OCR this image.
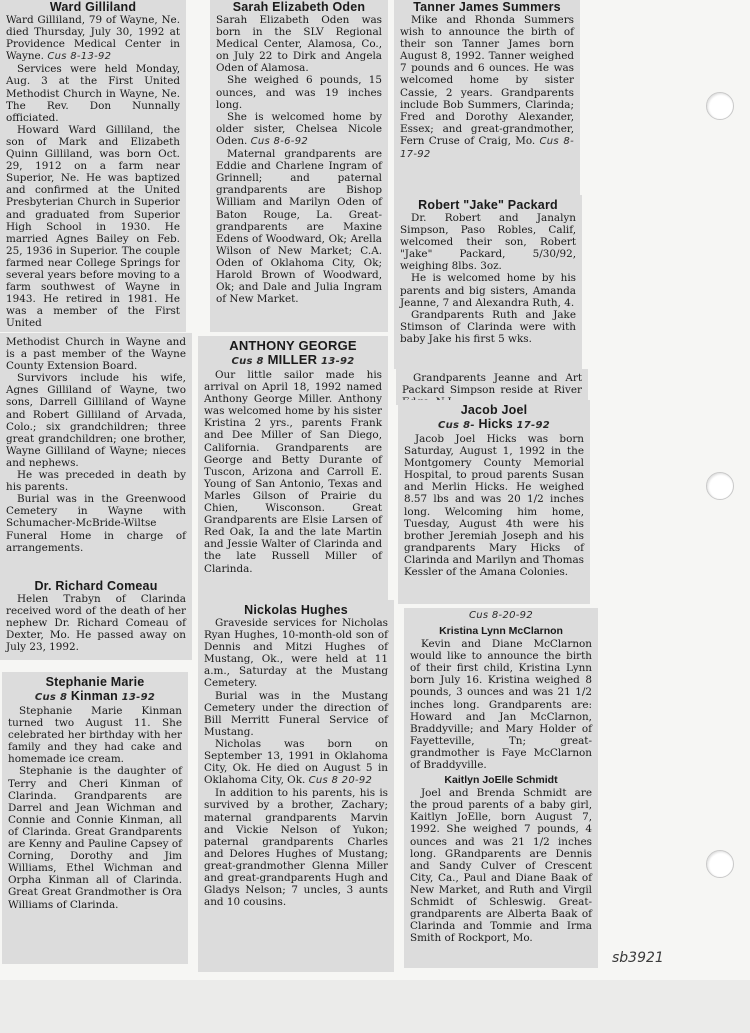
Ward Gilliland

Ward Gilliland, 79 of Wayne, Ne. died Thursday, July 30, 1992 at Providence Medical Center in Wayne. Cus 8-13-92

Services were held Monday, Aug. 3 at the First United Methodist Church in Wayne, Ne. The Rev. Don Nunnally officiated.

Howard Ward Gilliland, the son of Mark and Elizabeth Quinn Gilliland, was born Oct. 29, 1912 on a farm near Superior, Ne. He was baptized and confirmed at the United Presbyterian Church in Superior and graduated from Superior High School in 1930. He married Agnes Bailey on Feb. 25, 1936 in Superior. The couple farmed near College Springs for several years before moving to a farm southwest of Wayne in 1943. He retired in 1981. He was a member of the First United

Methodist Church in Wayne and is a past member of the Wayne County Extension Board.

Survivors include his wife, Agnes Gilliland of Wayne, two sons, Darrell Gilliland of Wayne and Robert Gilliland of Arvada, Colo.; six grandchildren; three great grandchildren; one brother, Wayne Gilliland of Wayne; nieces and nephews.

He was preceded in death by his parents.

Burial was in the Greenwood Cemetery in Wayne with Schumacher-McBride-Wiltse Funeral Home in charge of arrangements.

Dr. Richard Comeau

Helen Trabyn of Clarinda received word of the death of her nephew Dr. Richard Comeau of Dexter, Mo. He passed away on July 23, 1992.

Stephanie Marie
Cus 8 Kinman 13-92

Stephanie Marie Kinman turned two August 11. She celebrated her birthday with her family and they had cake and homemade ice cream.

Stephanie is the daughter of Terry and Cheri Kinman of Clarinda. Grandparents are Darrel and Jean Wichman and Connie and Connie Kinman, all of Clarinda. Great Grandparents are Kenny and Pauline Capsey of Corning, Dorothy and Jim Williams, Ethel Wichman and Orpha Kinman all of Clarinda. Great Great Grandmother is Ora Williams of Clarinda.

Sarah Elizabeth Oden

Sarah Elizabeth Oden was born in the SLV Regional Medical Center, Alamosa, Co., on July 22 to Dirk and Angela Oden of Alamosa.

She weighed 6 pounds, 15 ounces, and was 19 inches long.

She is welcomed home by older sister, Chelsea Nicole Oden. Cus 8-6-92

Maternal grandparents are Eddie and Charlene Ingram of Grinnell; and paternal grandparents are Bishop William and Marilyn Oden of Baton Rouge, La. Great-grandparents are Maxine Edens of Woodward, Ok; Arella Wilson of New Market; C.A. Oden of Oklahoma City, Ok; Harold Brown of Woodward, Ok; and Dale and Julia Ingram of New Market.

ANTHONY GEORGE
Cus 8 MILLER 13-92

Our little sailor made his arrival on April 18, 1992 named Anthony George Miller. Anthony was welcomed home by his sister Kristina 2 yrs., parents Frank and Dee Miller of San Diego, California. Grandparents are George and Betty Durante of Tuscon, Arizona and Carroll E. Young of San Antonio, Texas and Marles Gilson of Prairie du Chien, Wisconson. Great Grandparents are Elsie Larsen of Red Oak, Ia and the late Martin and Jessie Walter of Clarinda and the late Russell Miller of Clarinda.

Nickolas Hughes

Graveside services for Nicholas Ryan Hughes, 10-month-old son of Dennis and Mitzi Hughes of Mustang, Ok., were held at 11 a.m., Saturday at the Mustang Cemetery.

Burial was in the Mustang Cemetery under the direction of Bill Merritt Funeral Service of Mustang.

Nicholas was born on September 13, 1991 in Oklahoma City, Ok. He died on August 5 in Oklahoma City, Ok. Cus 8 20-92

In addition to his parents, his is survived by a brother, Zachary; maternal grandparents Marvin and Vickie Nelson of Yukon; paternal grandparents Charles and Delores Hughes of Mustang; great-grandmother Glenna Miller and great-grandparents Hugh and Gladys Nelson; 7 uncles, 3 aunts and 10 cousins.

Tanner James Summers

Mike and Rhonda Summers wish to announce the birth of their son Tanner James born August 8, 1992. Tanner weighed 7 pounds and 6 ounces. He was welcomed home by sister Cassie, 2 years. Grandparents include Bob Summers, Clarinda; Fred and Dorothy Alexander, Essex; and great-grandmother, Fern Cruse of Craig, Mo. Cus 8-17-92

Robert "Jake" Packard

Dr. Robert and Janalyn Simpson, Paso Robles, Calif, welcomed their son, Robert "Jake" Packard, 5/30/92, weighing 8lbs. 3oz.

He is welcomed home by his parents and big sisters, Amanda Jeanne, 7 and Alexandra Ruth, 4.

Grandparents Ruth and Jake Stimson of Clarinda were with baby Jake his first 5 wks.

Grandparents Jeanne and Art Packard Simpson reside at River

Jacob Joel
Cus 8- Hicks 17-92

Jacob Joel Hicks was born Saturday, August 1, 1992 in the Montgomery County Memorial Hospital, to proud parents Susan and Merlin Hicks. He weighed 8.57 lbs and was 20 1/2 inches long. Welcoming him home, Tuesday, August 4th were his brother Jeremiah Joseph and his grandparents Mary Hicks of Clarinda and Marilyn and Thomas Kessler of the Amana Colonies.

Cus 8-20-92
Kristina Lynn McClarnon

Kevin and Diane McClarnon would like to announce the birth of their first child, Kristina Lynn born July 16. Kristina weighed 8 pounds, 3 ounces and was 21 1/2 inches long. Grandparents are: Howard and Jan McClarnon, Braddyville; and Mary Holder of Fayetteville, Tn; great-grandmother is Faye McClarnon of Braddyville.

Kaitlyn JoElle Schmidt

Joel and Brenda Schmidt are the proud parents of a baby girl, Kaitlyn JoElle, born August 7, 1992. She weighed 7 pounds, 4 ounces and was 21 1/2 inches long. GRandparents are Dennis and Sandy Culver of Crescent City, Ca., Paul and Diane Baak of New Market, and Ruth and Virgil Schmidt of Schleswig. Great-grandparents are Alberta Baak of Clarinda and Tommie and Irma Smith of Rockport, Mo.

sb3921
